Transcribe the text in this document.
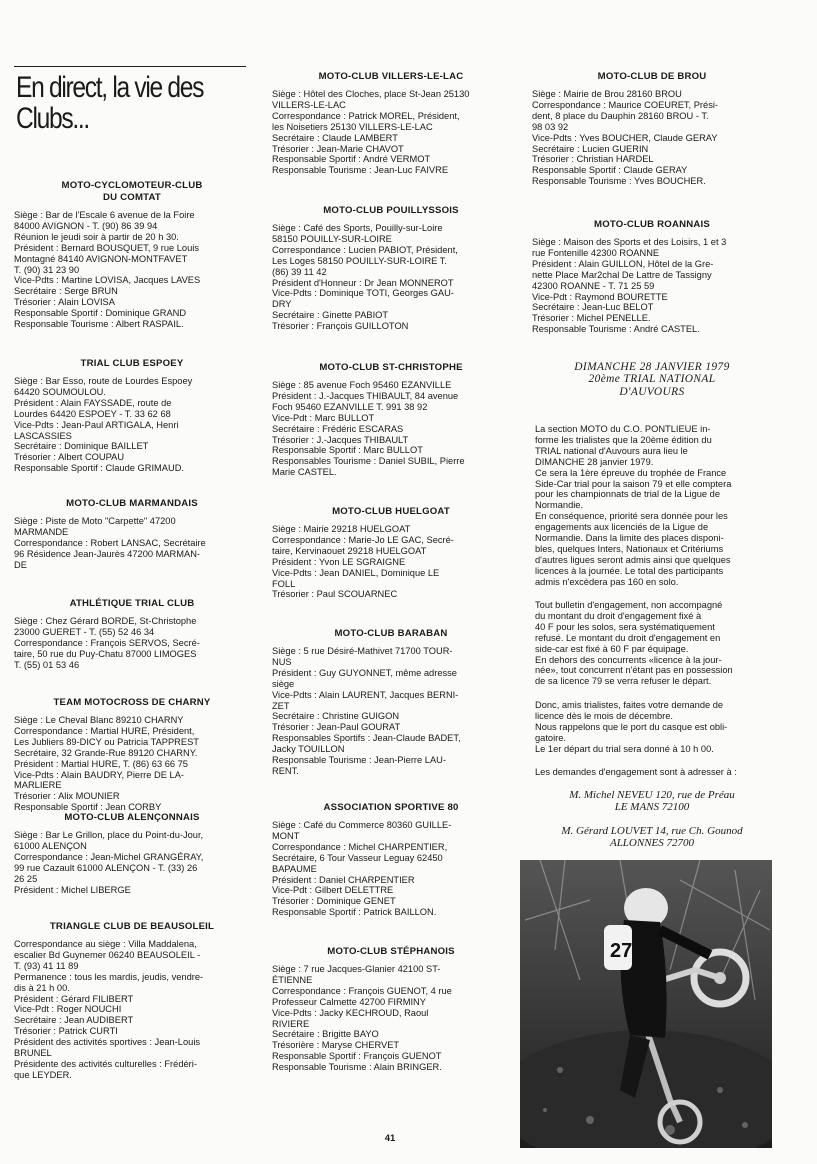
En direct, la vie des Clubs...
MOTO-CYCLOMOTEUR-CLUB
DU COMTAT

Siège : Bar de l'Escale 6 avenue de la Foire
84000 AVIGNON - T. (90) 86 39 94
Réunion le jeudi soir à partir de 20 h 30.
Président : Bernard BOUSQUET, 9 rue Louis
Montagné 84140 AVIGNON-MONTFAVET
T. (90) 31 23 90
Vice-Pdts : Martine LOVISA, Jacques LAVES
Secrétaire : Serge BRUN
Trésorier : Alain LOVISA
Responsable Sportif : Dominique GRAND
Responsable Tourisme : Albert RASPAIL.

TRIAL CLUB ESPOEY

Siège : Bar Esso, route de Lourdes Espoey
64420 SOUMOULOU.
Président : Alain FAYSSADE, route de
Lourdes 64420 ESPOEY - T. 33 62 68
Vice-Pdts : Jean-Paul ARTIGALA, Henri
LASCASSIES
Secrétaire : Dominique BAILLET
Trésorier : Albert COUPAU
Responsable Sportif : Claude GRIMAUD.

MOTO-CLUB MARMANDAIS

Siège : Piste de Moto "Carpette" 47200
MARMANDE
Correspondance : Robert LANSAC, Secrétaire
96 Résidence Jean-Jaurès 47200 MARMAN-
DE

ATHLÉTIQUE TRIAL CLUB

Siège : Chez Gérard BORDE, St-Christophe
23000 GUERET - T. (55) 52 46 34
Correspondance : François SERVOS, Secré-
taire, 50 rue du Puy-Chatu 87000 LIMOGES
T. (55) 01 53 46

TEAM MOTOCROSS DE CHARNY

Siège : Le Cheval Blanc 89210 CHARNY
Correspondance : Martial HURE, Président,
Les Jubliers 89-DICY ou Patricia TAPPREST
Secrétaire, 32 Grande-Rue 89120 CHARNY.
Président : Martial HURE, T. (86) 63 66 75
Vice-Pdts : Alain BAUDRY, Pierre DE LA-
MARLIERE
Trésorier : Alix MOUNIER
Responsable Sportif : Jean CORBY

MOTO-CLUB ALENÇONNAIS

Siège : Bar Le Grillon, place du Point-du-Jour,
61000 ALENÇON
Correspondance : Jean-Michel GRANGÉRAY,
99 rue Cazault 61000 ALENÇON - T. (33) 26
26 25
Président : Michel LIBERGE

TRIANGLE CLUB DE BEAUSOLEIL

Correspondance au siège : Villa Maddalena,
escalier Bd Guynemer 06240 BEAUSOLEIL -
T. (93) 41 11 89
Permanence : tous les mardis, jeudis, vendre-
dis à 21 h 00.
Président : Gérard FILIBERT
Vice-Pdt : Roger NOUCHI
Secrétaire : Jean AUDIBERT
Trésorier : Patrick CURTI
Président des activités sportives : Jean-Louis
BRUNEL
Présidente des activités culturelles : Frédéri-
que LEYDER.

MOTO-CLUB VILLERS-LE-LAC

Siège : Hôtel des Cloches, place St-Jean 25130
VILLERS-LE-LAC
Correspondance : Patrick MOREL, Président,
les Noisetiers 25130 VILLERS-LE-LAC
Secrétaire : Claude LAMBERT
Trésorier : Jean-Marie CHAVOT
Responsable Sportif : André VERMOT
Responsable Tourisme : Jean-Luc FAIVRE

MOTO-CLUB POUILLYSSOIS

Siège : Café des Sports, Pouilly-sur-Loire
58150 POUILLY-SUR-LOIRE
Correspondance : Lucien PABIOT, Président,
Les Loges 58150 POUILLY-SUR-LOIRE T.
(86) 39 11 42
Président d'Honneur : Dr Jean MONNEROT
Vice-Pdts : Dominique TOTI, Georges GAU-
DRY
Secrétaire : Ginette PABIOT
Trésorier : François GUILLOTON

MOTO-CLUB ST-CHRISTOPHE

Siège : 85 avenue Foch 95460 EZANVILLE
Président : J.-Jacques THIBAULT, 84 avenue
Foch 95460 EZANVILLE T. 991 38 92
Vice-Pdt : Marc BULLOT
Secrétaire : Frédéric ESCARAS
Trésorier : J.-Jacques THIBAULT
Responsable Sportif : Marc BULLOT
Responsables Tourisme : Daniel SUBIL, Pierre
Marie CASTEL.

MOTO-CLUB HUELGOAT

Siège : Mairie 29218 HUELGOAT
Correspondance : Marie-Jo LE GAC, Secré-
taire, Kervinaouet 29218 HUELGOAT
Président : Yvon LE SGRAIGNE
Vice-Pdts : Jean DANIEL, Dominique LE
FOLL
Trésorier : Paul SCOUARNEC

MOTO-CLUB BARABAN

Siège : 5 rue Désiré-Mathivet 71700 TOUR-
NUS
Président : Guy GUYONNET, même adresse
siège
Vice-Pdts : Alain LAURENT, Jacques BERNI-
ZET
Secrétaire : Christine GUIGON
Trésorier : Jean-Paul GOURAT
Responsables Sportifs : Jean-Claude BADET,
Jacky TOUILLON
Responsable Tourisme : Jean-Pierre LAU-
RENT.

ASSOCIATION SPORTIVE 80

Siège : Café du Commerce 80360 GUILLE-
MONT
Correspondance : Michel CHARPENTIER,
Secrétaire, 6 Tour Vasseur Leguay 62450
BAPAUME
Président : Daniel CHARPENTIER
Vice-Pdt : Gilbert DELETTRE
Trésorier : Dominique GENET
Responsable Sportif : Patrick BAILLON.

MOTO-CLUB STÉPHANOIS

Siège : 7 rue Jacques-Glanier 42100 ST-
ÉTIENNE
Correspondance : François GUENOT, 4 rue
Professeur Calmette 42700 FIRMINY
Vice-Pdts : Jacky KECHROUD, Raoul
RIVIERE
Secrétaire : Brigitte BAYO
Trésorière : Maryse CHERVET
Responsable Sportif : François GUENOT
Responsable Tourisme : Alain BRINGER.

MOTO-CLUB DE BROU

Siège : Mairie de Brou 28160 BROU
Correspondance : Maurice COEURET, Prési-
dent, 8 place du Dauphin 28160 BROU - T.
98 03 92
Vice-Pdts : Yves BOUCHER, Claude GERAY
Secrétaire : Lucien GUERIN
Trésorier : Christian HARDEL
Responsable Sportif : Claude GERAY
Responsable Tourisme : Yves BOUCHER.

MOTO-CLUB ROANNAIS

Siège : Maison des Sports et des Loisirs, 1 et 3
rue Fontenille 42300 ROANNE
Président : Alain GUILLON, Hôtel de la Gre-
nette Place Mar2chal De Lattre de Tassigny
42300 ROANNE - T. 71 25 59
Vice-Pdt : Raymond BOURETTE
Secrétaire : Jean-Luc BELOT
Trésorier : Michel PENELLE.
Responsable Tourisme : André CASTEL.

DIMANCHE 28 JANVIER 1979
20ème TRIAL NATIONAL
D'AUVOURS

La section MOTO du C.O. PONTLIEUE in-
forme les trialistes que la 20ème édition du
TRIAL national d'Auvours aura lieu le
DIMANCHE 28 janvier 1979.
Ce sera la 1ère épreuve du trophée de France
Side-Car trial pour la saison 79 et elle comptera
pour les championnats de trial de la Ligue de
Normandie.
En conséquence, priorité sera donnée pour les
engagements aux licenciés de la Ligue de
Normandie. Dans la limite des places disponi-
bles, quelques Inters, Nationaux et Critériums
d'autres ligues seront admis ainsi que quelques
licences à la journée. Le total des participants
admis n'excèdera pas 160 en solo.

Tout bulletin d'engagement, non accompagné
du montant du droit d'engagement fixé à
40 F pour les solos, sera systématiquement
refusé. Le montant du droit d'engagement en
side-car est fixé à 60 F par équipage.
En dehors des concurrents «licence à la jour-
née», tout concurrent n'étant pas en possession
de sa licence 79 se verra refuser le départ.

Donc, amis trialistes, faites votre demande de
licence dès le mois de décembre.
Nous rappelons que le port du casque est obli-
gatoire.
Le 1er départ du trial sera donné à 10 h 00.

Les demandes d'engagement sont à adresser à :

M. Michel NEVEU 120, rue de Préau
LE MANS 72100
M. Gérard LOUVET 14, rue Ch. Gounod
ALLONNES 72700
27
41
